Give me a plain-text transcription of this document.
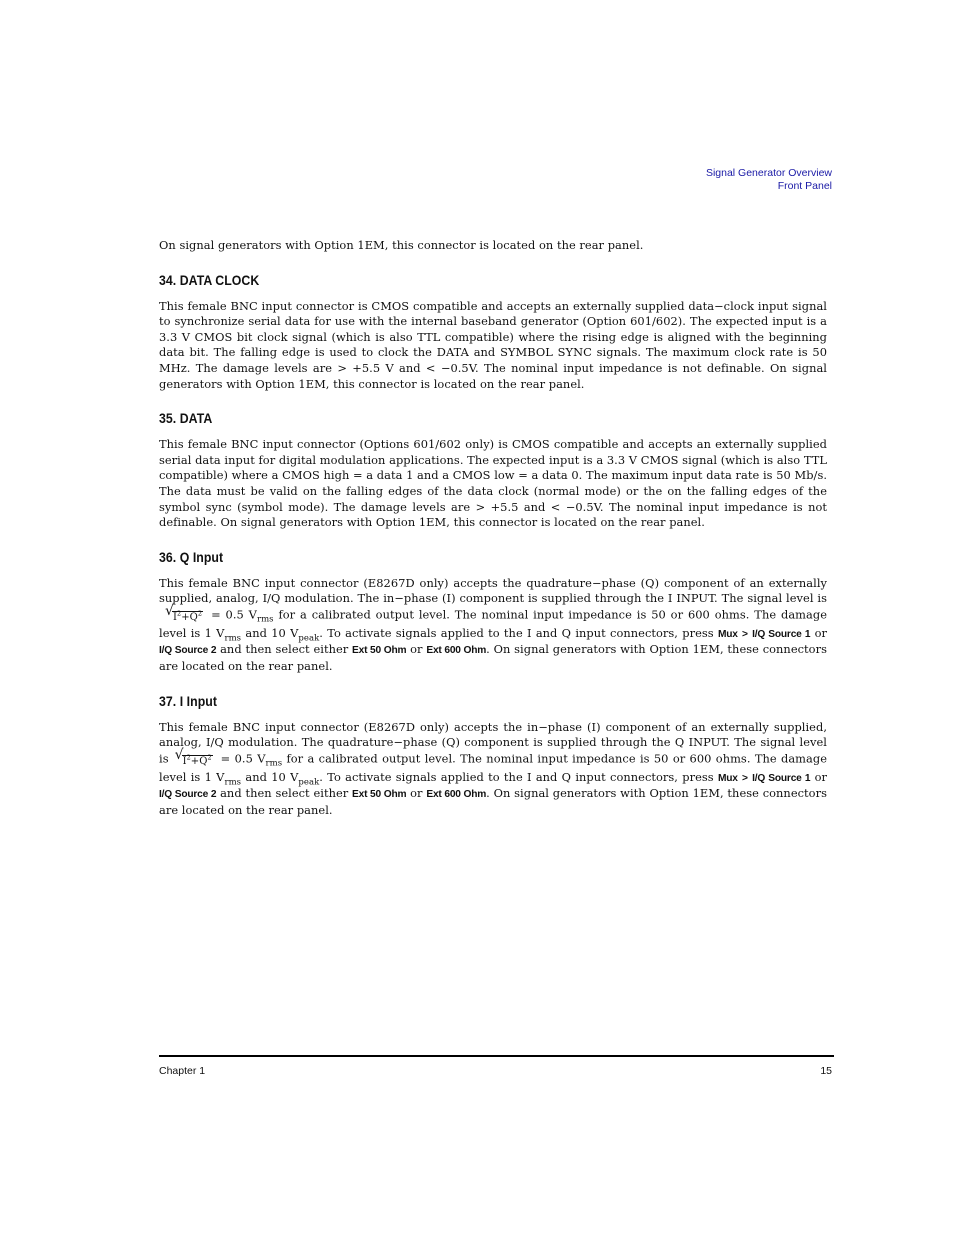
Signal Generator Overview
Front Panel

On signal generators with Option 1EM, this connector is located on the rear panel.

34. DATA CLOCK

This female BNC input connector is CMOS compatible and accepts an externally supplied data−clock input signal to synchronize serial data for use with the internal baseband generator (Option 601/602). The expected input is a 3.3 V CMOS bit clock signal (which is also TTL compatible) where the rising edge is aligned with the beginning data bit. The falling edge is used to clock the DATA and SYMBOL SYNC signals. The maximum clock rate is 50 MHz. The damage levels are > +5.5 V and < −0.5V. The nominal input impedance is not definable. On signal generators with Option 1EM, this connector is located on the rear panel.

35. DATA

This female BNC input connector (Options 601/602 only) is CMOS compatible and accepts an externally supplied serial data input for digital modulation applications. The expected input is a 3.3 V CMOS signal (which is also TTL compatible) where a CMOS high = a data 1 and a CMOS low = a data 0. The maximum input data rate is 50 Mb/s. The data must be valid on the falling edges of the data clock (normal mode) or the on the falling edges of the symbol sync (symbol mode). The damage levels are > +5.5 and < −0.5V. The nominal input impedance is not definable. On signal generators with Option 1EM, this connector is located on the rear panel.

36. Q Input

This female BNC input connector (E8267D only) accepts the quadrature−phase (Q) component of an externally supplied, analog, I/Q modulation. The in−phase (I) component is supplied through the I INPUT. The signal level is
√ $I^2+Q^2 = 0.5$ $V_{rms}$ for a calibrated output level. The nominal input impedance is 50 or 600 ohms. The damage level is 1 $V_{rms}$ and 10 $V_{peak}$. To activate signals applied to the I and Q input connectors, press Mux > I/Q Source 1 or I/Q Source 2 and then select either Ext 50 Ohm or Ext 600 Ohm. On signal generators with Option 1EM, these connectors are located on the rear panel.

37. I Input

This female BNC input connector (E8267D only) accepts the in−phase (I) component of an externally supplied, analog, I/Q modulation. The quadrature−phase (Q) component is supplied through the Q INPUT. The signal level is √ $I^2+Q^2 = 0.5$ $V_{rms}$ for a calibrated output level. The nominal input impedance is 50 or 600 ohms. The damage level is 1 $V_{rms}$ and 10 $V_{peak}$. To activate signals applied to the I and Q input connectors, press Mux > I/Q Source 1 or I/Q Source 2 and then select either Ext 50 Ohm or Ext 600 Ohm. On signal generators with Option 1EM, these connectors are located on the rear panel.

Chapter 1	15
